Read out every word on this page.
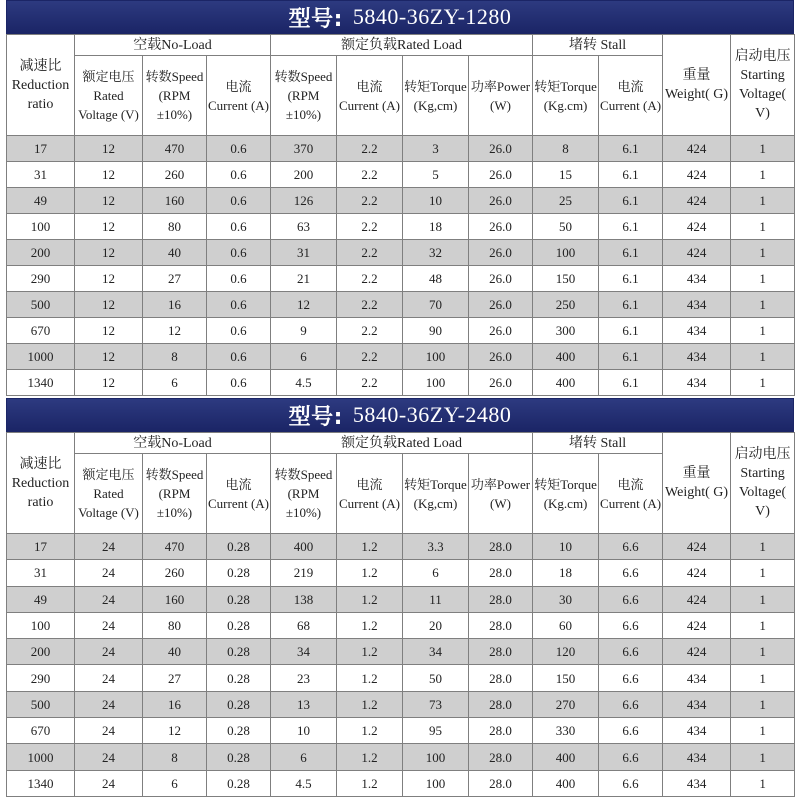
型号: 5840-36ZY-1280
减速比Reduction ratio	空载No-Load			额定负载Rated Load				堵转 Stall		重量Weight( G)	启动电压Starting Voltage( V)
	额定电压Rated Voltage (V)	转数Speed (RPM ±10%)	电流Current (A)	转数Speed (RPM ±10%)	电流Current (A)	转矩Torque (Kg,cm)	功率Power (W)	转矩Torque (Kg.cm)	电流Current (A)		
17	12	470	0.6	370	2.2	3	26.0	8	6.1	424	1
31	12	260	0.6	200	2.2	5	26.0	15	6.1	424	1
49	12	160	0.6	126	2.2	10	26.0	25	6.1	424	1
100	12	80	0.6	63	2.2	18	26.0	50	6.1	424	1
200	12	40	0.6	31	2.2	32	26.0	100	6.1	424	1
290	12	27	0.6	21	2.2	48	26.0	150	6.1	434	1
500	12	16	0.6	12	2.2	70	26.0	250	6.1	434	1
670	12	12	0.6	9	2.2	90	26.0	300	6.1	434	1
1000	12	8	0.6	6	2.2	100	26.0	400	6.1	434	1
1340	12	6	0.6	4.5	2.2	100	26.0	400	6.1	434	1
型号: 5840-36ZY-2480
减速比Reduction ratio	空载No-Load			额定负载Rated Load				堵转 Stall		重量Weight( G)	启动电压Starting Voltage( V)
	额定电压Rated Voltage (V)	转数Speed (RPM ±10%)	电流Current (A)	转数Speed (RPM ±10%)	电流Current (A)	转矩Torque (Kg,cm)	功率Power (W)	转矩Torque (Kg.cm)	电流Current (A)		
17	24	470	0.28	400	1.2	3.3	28.0	10	6.6	424	1
31	24	260	0.28	219	1.2	6	28.0	18	6.6	424	1
49	24	160	0.28	138	1.2	11	28.0	30	6.6	424	1
100	24	80	0.28	68	1.2	20	28.0	60	6.6	424	1
200	24	40	0.28	34	1.2	34	28.0	120	6.6	424	1
290	24	27	0.28	23	1.2	50	28.0	150	6.6	434	1
500	24	16	0.28	13	1.2	73	28.0	270	6.6	434	1
670	24	12	0.28	10	1.2	95	28.0	330	6.6	434	1
1000	24	8	0.28	6	1.2	100	28.0	400	6.6	434	1
1340	24	6	0.28	4.5	1.2	100	28.0	400	6.6	434	1
